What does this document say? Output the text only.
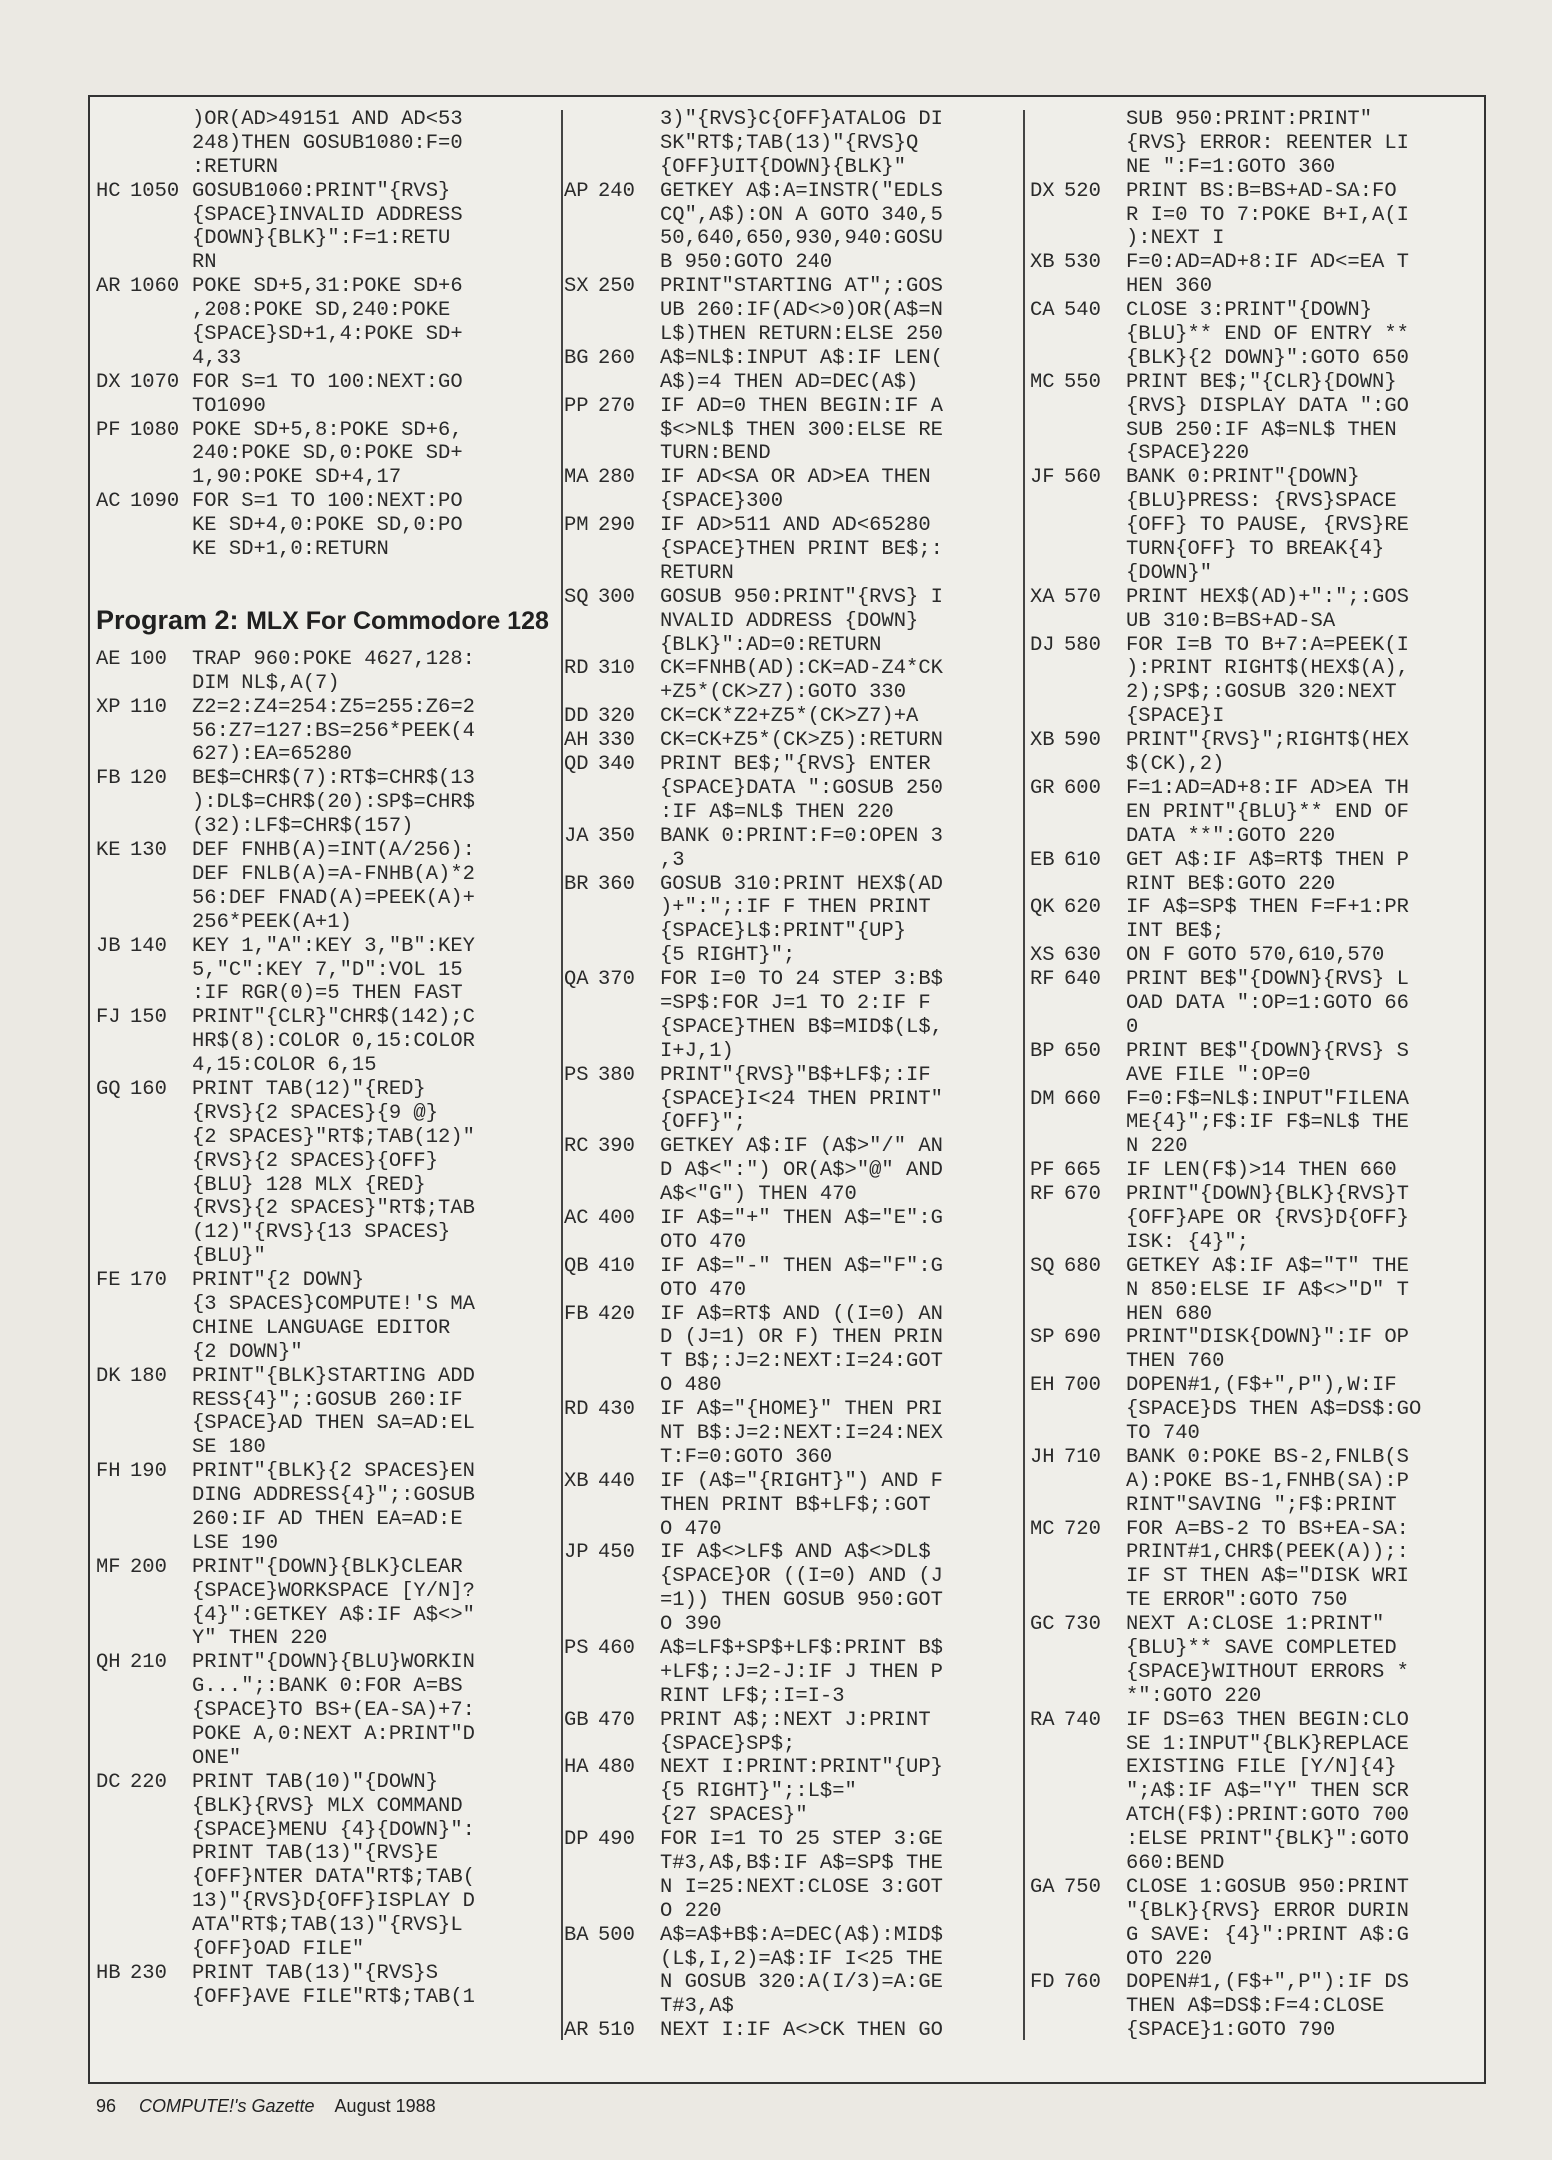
)OR(AD>49151 AND AD<53
248)THEN GOSUB1080:F=0
:RETURN
HC 1050 GOSUB1060:PRINT"{RVS}
{SPACE}INVALID ADDRESS
{DOWN}{BLK}":F=1:RETU
RN
AR 1060 POKE SD+5,31:POKE SD+6
,208:POKE SD,240:POKE
{SPACE}SD+1,4:POKE SD+
4,33
DX 1070 FOR S=1 TO 100:NEXT:GO
TO1090
PF 1080 POKE SD+5,8:POKE SD+6,
240:POKE SD,0:POKE SD+
1,90:POKE SD+4,17
AC 1090 FOR S=1 TO 100:NEXT:PO
KE SD+4,0:POKE SD,0:PO
KE SD+1,0:RETURN
Program 2: MLX For Commodore 128
AE 100 TRAP 960:POKE 4627,128:
DIM NL$,A(7)
XP 110 Z2=2:Z4=254:Z5=255:Z6=2
56:Z7=127:BS=256*PEEK(4
627):EA=65280
FB 120 BE$=CHR$(7):RT$=CHR$(13
):DL$=CHR$(20):SP$=CHR$
(32):LF$=CHR$(157)
KE 130 DEF FNHB(A)=INT(A/256):
DEF FNLB(A)=A-FNHB(A)*2
56:DEF FNAD(A)=PEEK(A)+
256*PEEK(A+1)
JB 140 KEY 1,"A":KEY 3,"B":KEY
5,"C":KEY 7,"D":VOL 15
:IF RGR(0)=5 THEN FAST
FJ 150 PRINT"{CLR}"CHR$(142);C
HR$(8):COLOR 0,15:COLOR
4,15:COLOR 6,15
GQ 160 PRINT TAB(12)"{RED}
{RVS}{2 SPACES}{9 @}
{2 SPACES}"RT$;TAB(12)"
{RVS}{2 SPACES}{OFF}
{BLU} 128 MLX {RED}
{RVS}{2 SPACES}"RT$;TAB
(12)"{RVS}{13 SPACES}
{BLU}"
FE 170 PRINT"{2 DOWN}
{3 SPACES}COMPUTE!'S MA
CHINE LANGUAGE EDITOR
{2 DOWN}"
DK 180 PRINT"{BLK}STARTING ADD
RESS{4}";:GOSUB 260:IF
{SPACE}AD THEN SA=AD:EL
SE 180
FH 190 PRINT"{BLK}{2 SPACES}EN
DING ADDRESS{4}";:GOSUB
260:IF AD THEN EA=AD:E
LSE 190
MF 200 PRINT"{DOWN}{BLK}CLEAR
{SPACE}WORKSPACE [Y/N]?
{4}":GETKEY A$:IF A$<>"
Y" THEN 220
QH 210 PRINT"{DOWN}{BLU}WORKIN
G...";:BANK 0:FOR A=BS
{SPACE}TO BS+(EA-SA)+7:
POKE A,0:NEXT A:PRINT"D
ONE"
DC 220 PRINT TAB(10)"{DOWN}
{BLK}{RVS} MLX COMMAND
{SPACE}MENU {4}{DOWN}":
PRINT TAB(13)"{RVS}E
{OFF}NTER DATA"RT$;TAB(
13)"{RVS}D{OFF}ISPLAY D
ATA"RT$;TAB(13)"{RVS}L
{OFF}OAD FILE"
HB 230 PRINT TAB(13)"{RVS}S
{OFF}AVE FILE"RT$;TAB(1
3)"{RVS}C{OFF}ATALOG DI
SK"RT$;TAB(13)"{RVS}Q
{OFF}UIT{DOWN}{BLK}"
AP 240 GETKEY A$:A=INSTR("EDLS
CQ",A$):ON A GOTO 340,5
50,640,650,930,940:GOSU
B 950:GOTO 240
SX 250 PRINT"STARTING AT";:GOS
UB 260:IF(AD<>0)OR(A$=N
L$)THEN RETURN:ELSE 250
BG 260 A$=NL$:INPUT A$:IF LEN(
A$)=4 THEN AD=DEC(A$)
PP 270 IF AD=0 THEN BEGIN:IF A
$<>NL$ THEN 300:ELSE RE
TURN:BEND
MA 280 IF AD<SA OR AD>EA THEN
{SPACE}300
PM 290 IF AD>511 AND AD<65280
{SPACE}THEN PRINT BE$;:
RETURN
SQ 300 GOSUB 950:PRINT"{RVS} I
NVALID ADDRESS {DOWN}
{BLK}":AD=0:RETURN
RD 310 CK=FNHB(AD):CK=AD-Z4*CK
+Z5*(CK>Z7):GOTO 330
DD 320 CK=CK*Z2+Z5*(CK>Z7)+A
AH 330 CK=CK+Z5*(CK>Z5):RETURN
QD 340 PRINT BE$;"{RVS} ENTER
{SPACE}DATA ":GOSUB 250
:IF A$=NL$ THEN 220
JA 350 BANK 0:PRINT:F=0:OPEN 3
,3
BR 360 GOSUB 310:PRINT HEX$(AD
)+":";:IF F THEN PRINT
{SPACE}L$:PRINT"{UP}
{5 RIGHT}";
QA 370 FOR I=0 TO 24 STEP 3:B$
=SP$:FOR J=1 TO 2:IF F
{SPACE}THEN B$=MID$(L$,
I+J,1)
PS 380 PRINT"{RVS}"B$+LF$;:IF
{SPACE}I<24 THEN PRINT"
{OFF}";
RC 390 GETKEY A$:IF (A$>"/" AN
D A$<":") OR(A$>"@" AND
A$<"G") THEN 470
AC 400 IF A$="+" THEN A$="E":G
OTO 470
QB 410 IF A$="-" THEN A$="F":G
OTO 470
FB 420 IF A$=RT$ AND ((I=0) AN
D (J=1) OR F) THEN PRIN
T B$;:J=2:NEXT:I=24:GOT
O 480
RD 430 IF A$="{HOME}" THEN PRI
NT B$:J=2:NEXT:I=24:NEX
T:F=0:GOTO 360
XB 440 IF (A$="{RIGHT}") AND F
THEN PRINT B$+LF$;:GOT
O 470
JP 450 IF A$<>LF$ AND A$<>DL$
{SPACE}OR ((I=0) AND (J
=1)) THEN GOSUB 950:GOT
O 390
PS 460 A$=LF$+SP$+LF$:PRINT B$
+LF$;:J=2-J:IF J THEN P
RINT LF$;:I=I-3
GB 470 PRINT A$;:NEXT J:PRINT
{SPACE}SP$;
HA 480 NEXT I:PRINT:PRINT"{UP}
{5 RIGHT}";:L$="
{27 SPACES}"
DP 490 FOR I=1 TO 25 STEP 3:GE
T#3,A$,B$:IF A$=SP$ THE
N I=25:NEXT:CLOSE 3:GOT
O 220
BA 500 A$=A$+B$:A=DEC(A$):MID$
(L$,I,2)=A$:IF I<25 THE
N GOSUB 320:A(I/3)=A:GE
T#3,A$
AR 510 NEXT I:IF A<>CK THEN GO
SUB 950:PRINT:PRINT"
{RVS} ERROR: REENTER LI
NE ":F=1:GOTO 360
DX 520 PRINT BS:B=BS+AD-SA:FO
R I=0 TO 7:POKE B+I,A(I
):NEXT I
XB 530 F=0:AD=AD+8:IF AD<=EA T
HEN 360
CA 540 CLOSE 3:PRINT"{DOWN}
{BLU}** END OF ENTRY **
{BLK}{2 DOWN}":GOTO 650
MC 550 PRINT BE$;"{CLR}{DOWN}
{RVS} DISPLAY DATA ":GO
SUB 250:IF A$=NL$ THEN
{SPACE}220
JF 560 BANK 0:PRINT"{DOWN}
{BLU}PRESS: {RVS}SPACE
{OFF} TO PAUSE, {RVS}RE
TURN{OFF} TO BREAK{4}
{DOWN}"
XA 570 PRINT HEX$(AD)+":";:GOS
UB 310:B=BS+AD-SA
DJ 580 FOR I=B TO B+7:A=PEEK(I
):PRINT RIGHT$(HEX$(A),
2);SP$;:GOSUB 320:NEXT
{SPACE}I
XB 590 PRINT"{RVS}";RIGHT$(HEX
$(CK),2)
GR 600 F=1:AD=AD+8:IF AD>EA TH
EN PRINT"{BLU}** END OF
DATA **":GOTO 220
EB 610 GET A$:IF A$=RT$ THEN P
RINT BE$:GOTO 220
QK 620 IF A$=SP$ THEN F=F+1:PR
INT BE$;
XS 630 ON F GOTO 570,610,570
RF 640 PRINT BE$"{DOWN}{RVS} L
OAD DATA ":OP=1:GOTO 66
0
BP 650 PRINT BE$"{DOWN}{RVS} S
AVE FILE ":OP=0
DM 660 F=0:F$=NL$:INPUT"FILENA
ME{4}";F$:IF F$=NL$ THE
N 220
PF 665 IF LEN(F$)>14 THEN 660
RF 670 PRINT"{DOWN}{BLK}{RVS}T
{OFF}APE OR {RVS}D{OFF}
ISK: {4}";
SQ 680 GETKEY A$:IF A$="T" THE
N 850:ELSE IF A$<>"D" T
HEN 680
SP 690 PRINT"DISK{DOWN}":IF OP
THEN 760
EH 700 DOPEN#1,(F$+",P"),W:IF
{SPACE}DS THEN A$=DS$:GO
TO 740
JH 710 BANK 0:POKE BS-2,FNLB(S
A):POKE BS-1,FNHB(SA):P
RINT"SAVING ";F$:PRINT
MC 720 FOR A=BS-2 TO BS+EA-SA:
PRINT#1,CHR$(PEEK(A));:
IF ST THEN A$="DISK WRI
TE ERROR":GOTO 750
GC 730 NEXT A:CLOSE 1:PRINT"
{BLU}** SAVE COMPLETED
{SPACE}WITHOUT ERRORS *
*":GOTO 220
RA 740 IF DS=63 THEN BEGIN:CLO
SE 1:INPUT"{BLK}REPLACE
EXISTING FILE [Y/N]{4}
";A$:IF A$="Y" THEN SCR
ATCH(F$):PRINT:GOTO 700
:ELSE PRINT"{BLK}":GOTO
660:BEND
GA 750 CLOSE 1:GOSUB 950:PRINT
"{BLK}{RVS} ERROR DURIN
G SAVE: {4}":PRINT A$:G
OTO 220
FD 760 DOPEN#1,(F$+",P"):IF DS
THEN A$=DS$:F=4:CLOSE
{SPACE}1:GOTO 790
96 COMPUTE!'s Gazette August 1988
